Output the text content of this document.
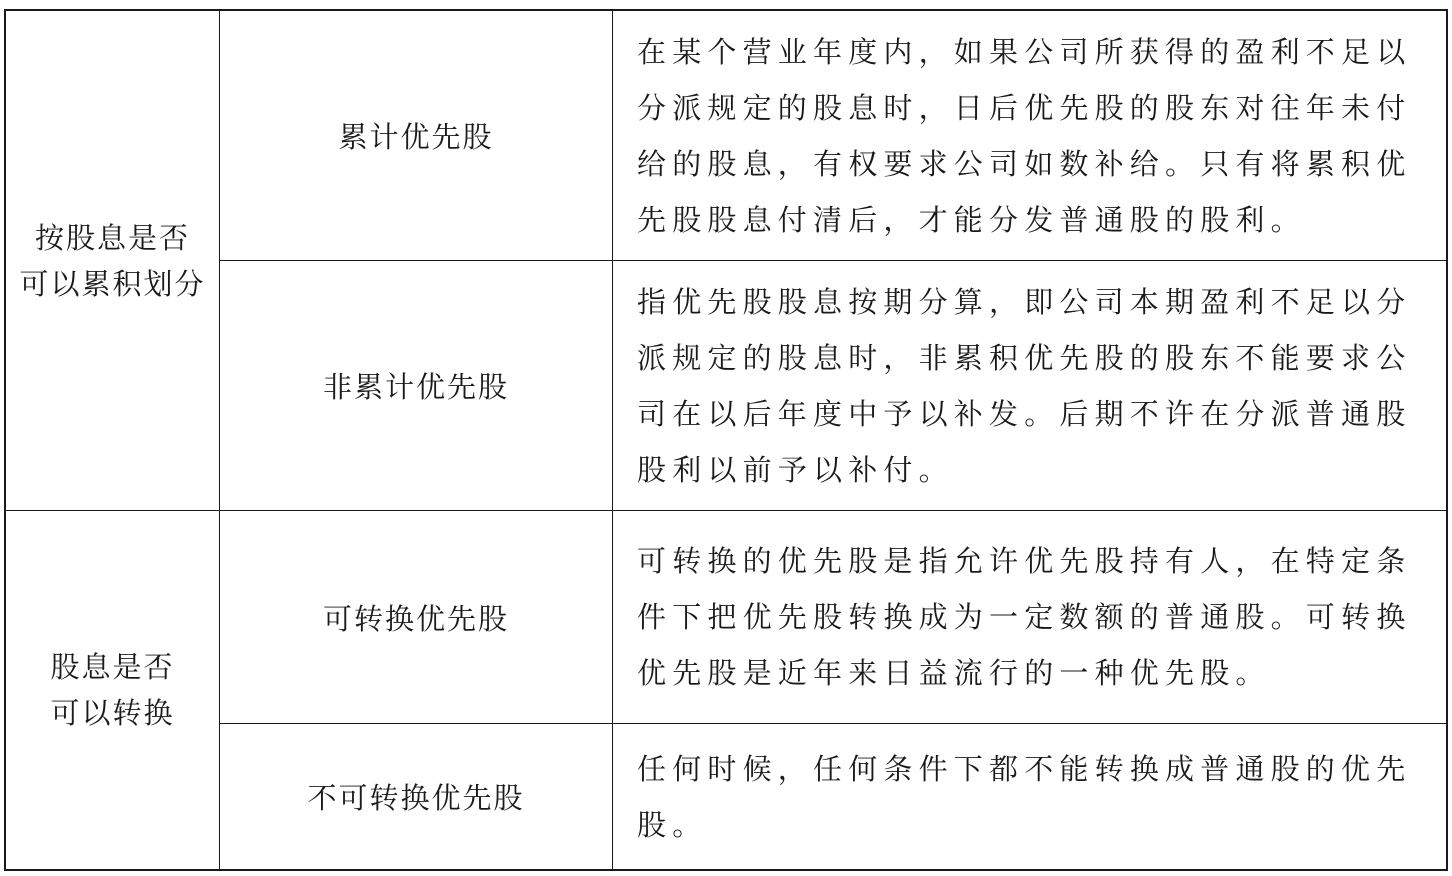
按股息是否
可以累积划分	累计优先股	在某个营业年度内，如果公司所获得的盈利不足以分派规定的股息时，日后优先股的股东对往年未付给的股息，有权要求公司如数补给。只有将累积优先股股息付清后，才能分发普通股的股利。
	非累计优先股	指优先股股息按期分算，即公司本期盈利不足以分派规定的股息时，非累积优先股的股东不能要求公司在以后年度中予以补发。后期不许在分派普通股股利以前予以补付。

股息是否
可以转换	可转换优先股	可转换的优先股是指允许优先股持有人，在特定条件下把优先股转换成为一定数额的普通股。可转换优先股是近年来日益流行的一种优先股。
	不可转换优先股	任何时候，任何条件下都不能转换成普通股的优先股。
